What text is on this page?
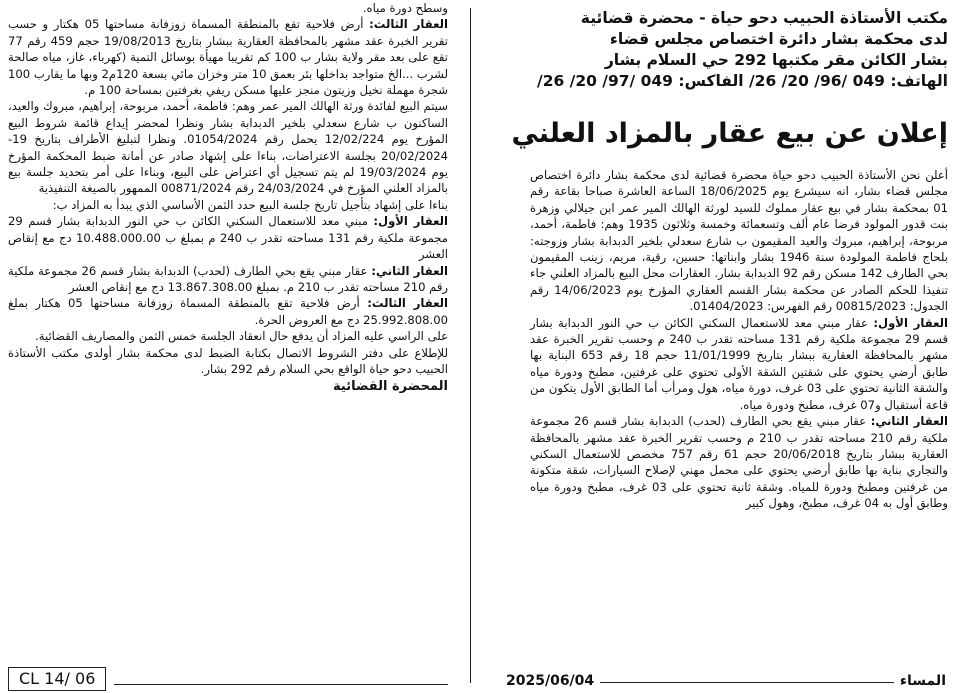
مكتب الأستاذة الحبيب دحو حياة - محضرة قضائية
لدى محكمة بشار دائرة اختصاص مجلس قضاء
بشار الكائن مقر مكتبها 292 حي السلام بشار
الهاتف: 049 /96/ 20/ 26/ الفاكس: 049 /97/ 20/ 26/
إعلان عن بيع عقار بالمزاد العلني

أعلن نحن الأستاذة الحبيب دحو حياة محضرة قضائية لدى محكمة بشار دائرة اختصاص مجلس قضاء بشار، انه سيشرع يوم 18/06/2025 الساعة العاشرة صباحا بقاعة رقم 01 بمحكمة بشار في بيع عقار مملوك للسيد لورثة الهالك المير عمر ابن جيلالي وزهرة بنت قدور المولود فرضا عام ألف وتسعمائة وخمسة وثلاثون 1935 وهم: فاطمة، أحمد، مربوحة، إبراهيم، مبروك والعيد المقيمون ب شارع سعدلي بلخير الدبدابة بشار وزوجته: بلحاج فاطمة المولودة سنة 1946 بشار وابناتها: حسين، رقية، مريم، زينب المقيمون بحي الطارف 142 مسكن رقم 92 الدبدابة بشار. العقارات محل البيع بالمزاد العلني جاء تنفيذا للحكم الصادر عن محكمة بشار القسم العقاري المؤرخ يوم 14/06/2023 رقم الجدول: 00815/2023 رقم الفهرس: 01404/2023.

العقار الأول: عقار مبني معد للاستعمال السكني الكائن ب حي النور الدبدابة بشار قسم 29 مجموعة ملكية رقم 131 مساحته تقدر ب 240 م وحسب تقرير الخبرة عقد مشهر بالمحافظة العقارية ببشار بتاريخ 11/01/1999 حجم 18 رقم 653 البناية بها طابق أرضي يحتوي على شقتين الشقة الأولى تحتوي على غرفتين، مطبخ ودورة مياه والشقة الثانية تحتوي على 03 غرف، دورة مياه، هول ومرأب أما الطابق الأول يتكون من قاعة أستقبال و07 غرف، مطبخ ودورة مياه.

العقار الثاني: عقار مبني يقع بحي الطارف (لحدب) الدبدابة بشار قسم 26 مجموعة ملكية رقم 210 مساحته تقدر ب 210 م وحسب تقرير الخبرة عقد مشهر بالمحافظة العقارية ببشار بتاريخ 20/06/2018 حجم 61 رقم 757 مخصص للاستعمال السكني والتجاري بناية بها طابق أرضي يحتوي على محمل مهني لإصلاح السيارات، شقة متكونة من غرفتين ومطبخ ودورة للمياه. وشقة ثانية تحتوي على 03 غرف، مطبخ ودورة مياه وطابق أول به 04 غرف، مطبخ، وهول كبير

وسطح دورة مياه.

العقار الثالث: أرض فلاحية تقع بالمنطقة المسماة زوزفانة مساحتها 05 هكتار و حسب تقرير الخبرة عقد مشهر بالمحافظة العقارية ببشار بتاريخ 19/08/2013 حجم 459 رقم 77 تقع على بعد مقر ولاية بشار ب 100 كم تقريبا مهيأة بوسائل التمية (كهرباء، غاز، مياه صالحة لشرب ...الخ متواجد بداخلها بئر بعمق 10 متر وخزان مائي بسعة 120م2 وبها ما يقارب 100 شجرة مهملة نخيل وزيتون منجز عليها مسكن ريفي بغرفتين بمساحة 100 م.

سيتم البيع لفائدة ورثة الهالك المير عمر وهم: فاطمة، أحمد، مربوحة، إبراهيم، مبروك والعيد، الساكنون ب شارع سعدلي بلخير الدبدابة بشار ونظرا لمحضر إيداع قائمة شروط البيع المؤرخ يوم 12/02/224 يحمل رقم 01054/2024. ونظرا لتبليغ الأطراف بتاريخ 19-20/02/2024 بجلسة الاعتراضات، بناءا على إشهاد صادر عن أمانة ضبط المحكمة المؤرخ يوم 19/03/2024 لم يتم تسجيل أي اعتراض على البيع، وبناءا على أمر بتحديد جلسة بيع بالمزاد العلني المؤرخ في 24/03/2024 رقم 00871/2024 الممهور بالصيغة التنفيذية

بناءا على إشهاد بتأجيل تاريخ جلسة البيع حدد الثمن الأساسي الذي يبدأ به المزاد ب:

العقار الأول: مبني معد للاستعمال السكني الكائن ب حي النور الدبدابة بشار قسم 29 مجموعة ملكية رقم 131 مساحته تقدر ب 240 م بمبلغ ب 10.488.000.00 دج مع إنقاص العشر

العقار الثاني: عقار مبني يقع بحي الطارف (لحدب) الدبدابة بشار قسم 26 مجموعة ملكية رقم 210 مساحته تقدر ب 210 م. بمبلغ 13.867.308.00 دج مع إنقاص العشر

العقار الثالث: أرض فلاحية تقع بالمنطقة المسماة زوزفانة مساحتها 05 هكتار بملغ 25.992.808.00 دج مع العروض الحرة.

على الراسي عليه المزاد أن يدفع حال انعقاد الجلسة خمس الثمن والمصاريف القضائية.

للإطلاع على دفتر الشروط الاتصال بكتابة الضبط لدى محكمة بشار أولدى مكتب الأستاذة الحبيب دحو حياة الواقع بحي السلام رقم 292 بشار.

المحضرة القضائية
المساء
2025/06/04
CL 14/ 06
